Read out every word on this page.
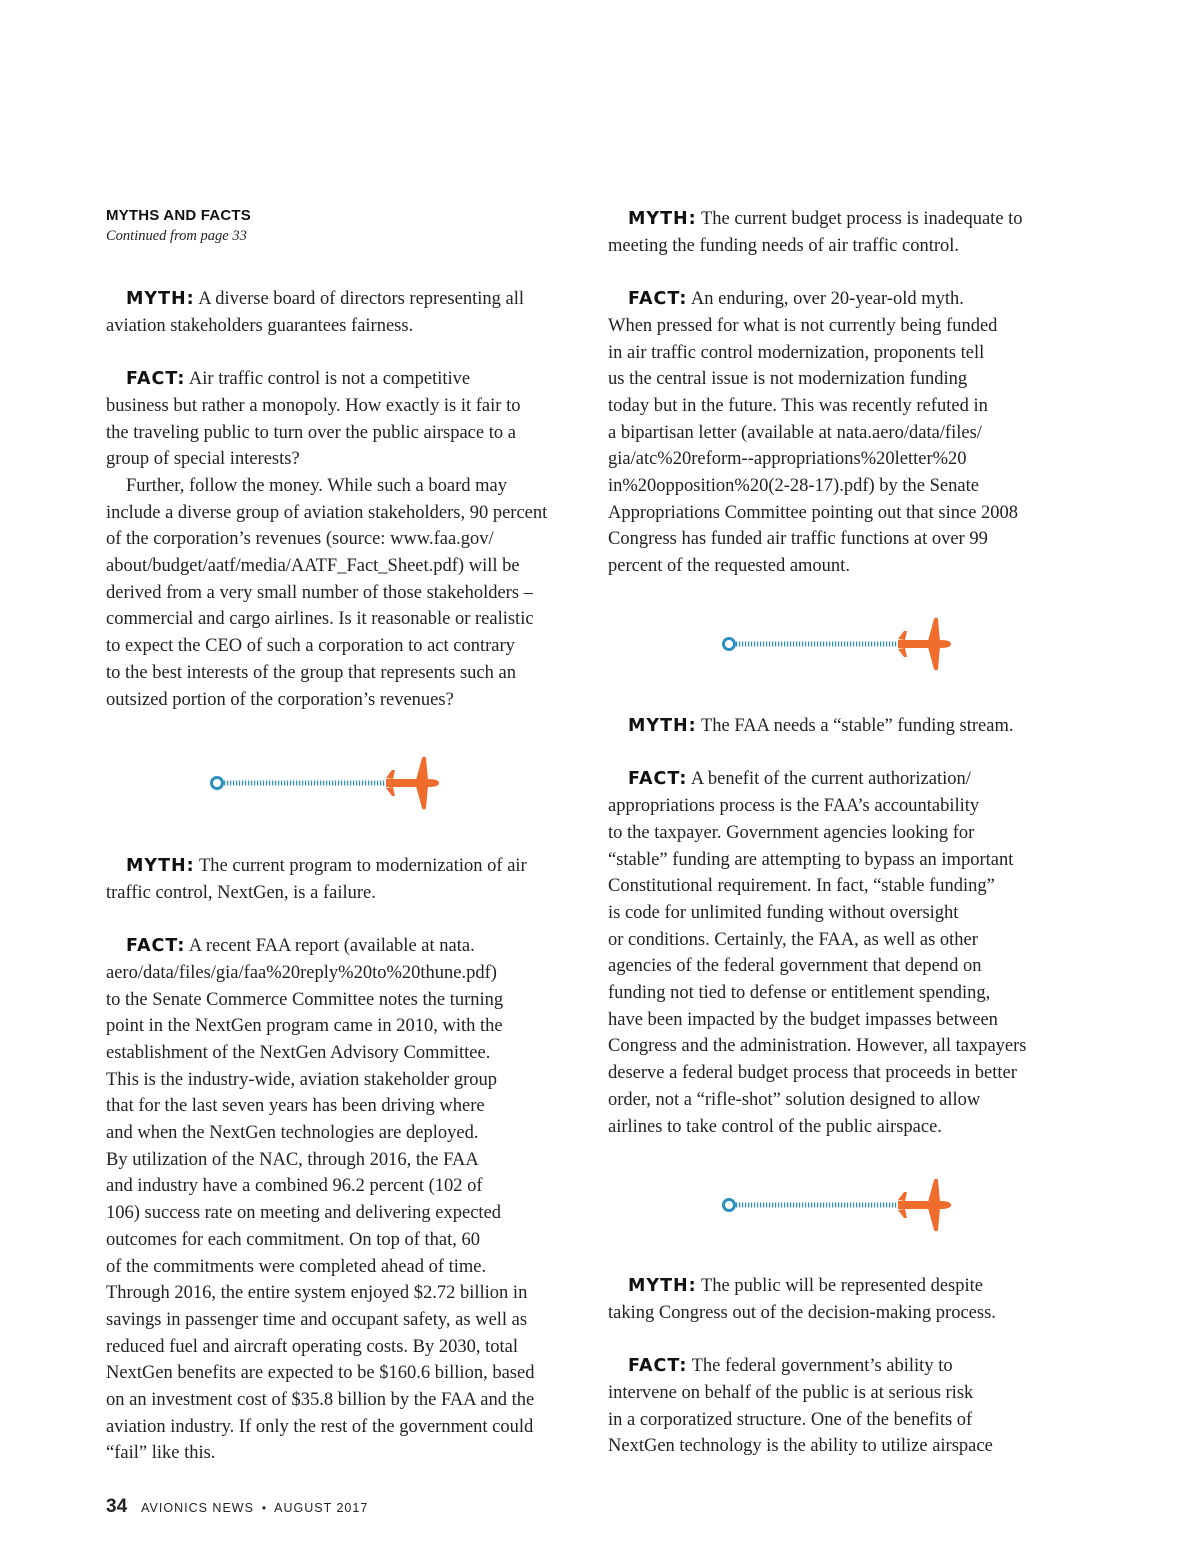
MYTHS AND FACTS
Continued from page 33
MYTH: A diverse board of directors representing all
aviation stakeholders guarantees fairness.
FACT: Air traffic control is not a competitive
business but rather a monopoly. How exactly is it fair to
the traveling public to turn over the public airspace to a
group of special interests?
Further, follow the money. While such a board may
include a diverse group of aviation stakeholders, 90 percent
of the corporation’s revenues (source: www.faa.gov/
about/budget/aatf/media/AATF_Fact_Sheet.pdf) will be
derived from a very small number of those stakeholders –
commercial and cargo airlines. Is it reasonable or realistic
to expect the CEO of such a corporation to act contrary
to the best interests of the group that represents such an
outsized portion of the corporation’s revenues?
MYTH: The current program to modernization of air
traffic control, NextGen, is a failure.
FACT: A recent FAA report (available at nata.
aero/data/files/gia/faa%20reply%20to%20thune.pdf)
to the Senate Commerce Committee notes the turning
point in the NextGen program came in 2010, with the
establishment of the NextGen Advisory Committee.
This is the industry-wide, aviation stakeholder group
that for the last seven years has been driving where
and when the NextGen technologies are deployed.
By utilization of the NAC, through 2016, the FAA
and industry have a combined 96.2 percent (102 of
106) success rate on meeting and delivering expected
outcomes for each commitment. On top of that, 60
of the commitments were completed ahead of time.
Through 2016, the entire system enjoyed $2.72 billion in
savings in passenger time and occupant safety, as well as
reduced fuel and aircraft operating costs. By 2030, total
NextGen benefits are expected to be $160.6 billion, based
on an investment cost of $35.8 billion by the FAA and the
aviation industry. If only the rest of the government could
“fail” like this.
MYTH: The current budget process is inadequate to
meeting the funding needs of air traffic control.
FACT: An enduring, over 20-year-old myth.
When pressed for what is not currently being funded
in air traffic control modernization, proponents tell
us the central issue is not modernization funding
today but in the future. This was recently refuted in
a bipartisan letter (available at nata.aero/data/files/
gia/atc%20reform--appropriations%20letter%20
in%20opposition%20(2-28-17).pdf) by the Senate
Appropriations Committee pointing out that since 2008
Congress has funded air traffic functions at over 99
percent of the requested amount.
MYTH: The FAA needs a “stable” funding stream.
FACT: A benefit of the current authorization/
appropriations process is the FAA’s accountability
to the taxpayer. Government agencies looking for
“stable” funding are attempting to bypass an important
Constitutional requirement. In fact, “stable funding”
is code for unlimited funding without oversight
or conditions. Certainly, the FAA, as well as other
agencies of the federal government that depend on
funding not tied to defense or entitlement spending,
have been impacted by the budget impasses between
Congress and the administration. However, all taxpayers
deserve a federal budget process that proceeds in better
order, not a “rifle-shot” solution designed to allow
airlines to take control of the public airspace.
MYTH: The public will be represented despite
taking Congress out of the decision-making process.
FACT: The federal government’s ability to
intervene on behalf of the public is at serious risk
in a corporatized structure. One of the benefits of
NextGen technology is the ability to utilize airspace
34 AVIONICS NEWS • AUGUST 2017
